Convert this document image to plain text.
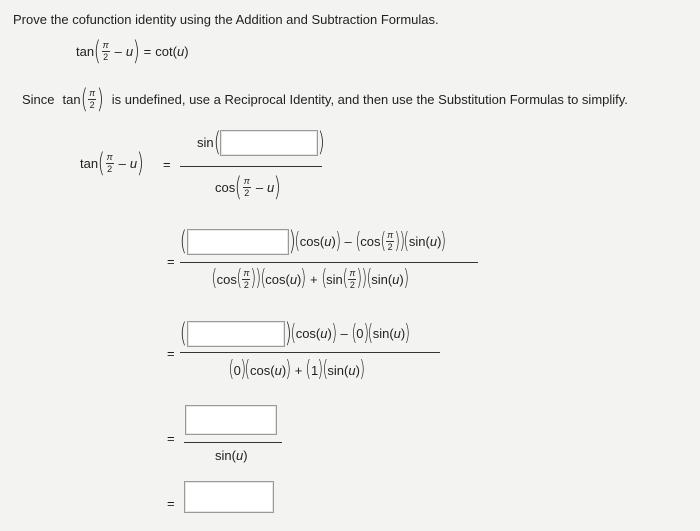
Prove the cofunction identity using the Addition and Subtraction Formulas.
tan ( $\frac{\pi}{2}$ – u ) = cot ( u )
Since tan ( $\frac{\pi}{2}$ ) is undefined, use a Reciprocal Identity, and then use the Substitution Formulas to simplify.
tan ( $\frac{\pi}{2}$ – u ) =
sin (	)
cos ( $\frac{\pi}{2}$ – u )
=
(	) ( cos ( u ) ) – ( cos ( $\frac{\pi}{2}$ ) ) ( sin ( u ) )
( cos ( $\frac{\pi}{2}$ ) ) ( cos ( u ) ) + ( sin ( $\frac{\pi}{2}$ ) ) ( sin ( u ) )
=
(	) ( cos ( u ) ) – ( 0 ) ( sin ( u ) )
( 0 ) ( cos ( u ) ) + ( 1 ) ( sin ( u ) )
=
sin ( u )
=
